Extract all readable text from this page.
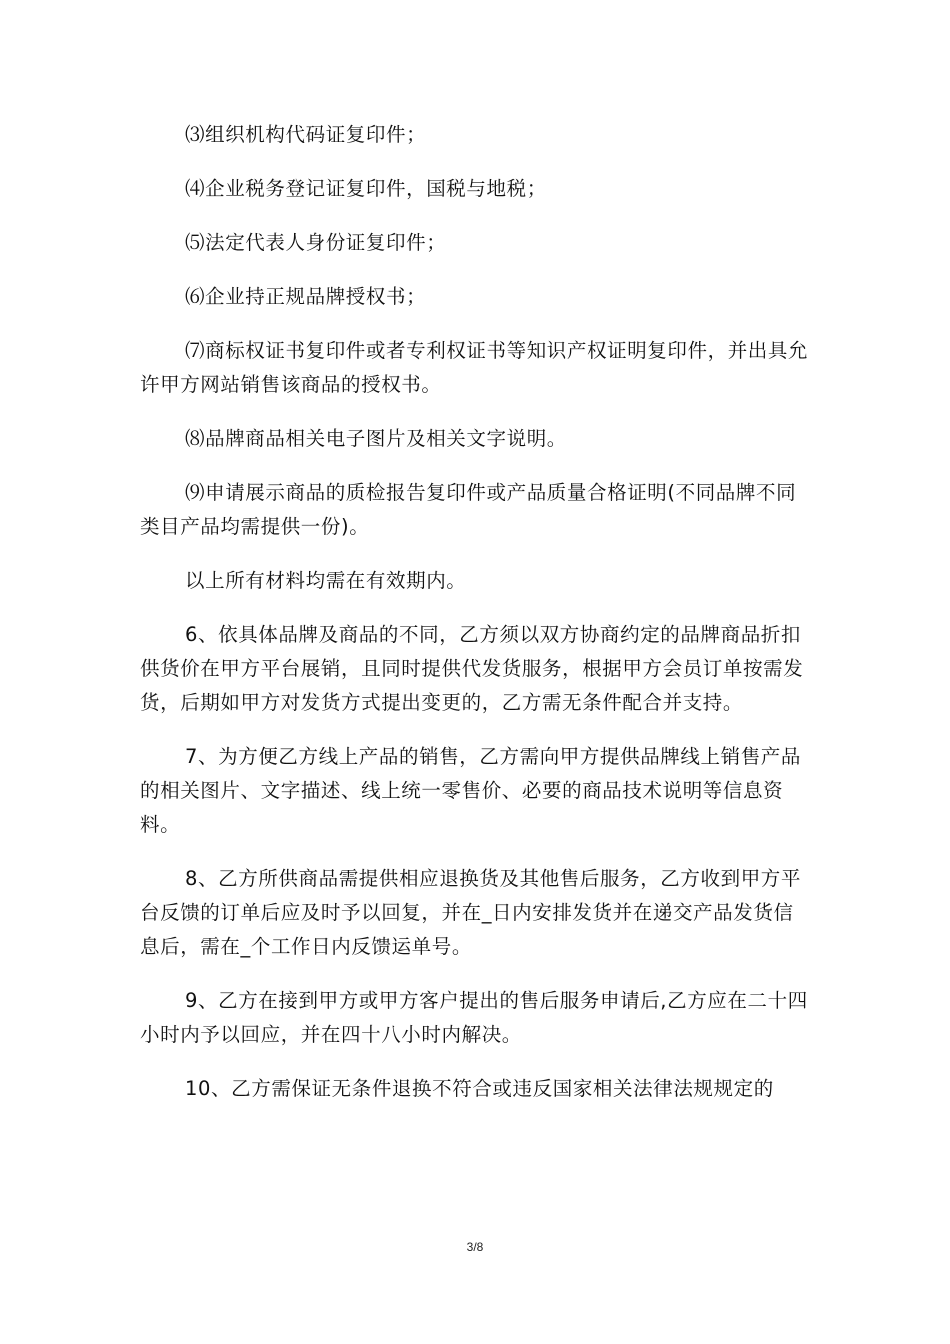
⑶组织机构代码证复印件；

⑷企业税务登记证复印件，国税与地税；

⑸法定代表人身份证复印件；

⑹企业持正规品牌授权书；

⑺商标权证书复印件或者专利权证书等知识产权证明复印件，并出具允许甲方网站销售该商品的授权书。

⑻品牌商品相关电子图片及相关文字说明。

⑼申请展示商品的质检报告复印件或产品质量合格证明(不同品牌不同类目产品均需提供一份)。

以上所有材料均需在有效期内。

6、依具体品牌及商品的不同，乙方须以双方协商约定的品牌商品折扣供货价在甲方平台展销，且同时提供代发货服务，根据甲方会员订单按需发货，后期如甲方对发货方式提出变更的，乙方需无条件配合并支持。

7、为方便乙方线上产品的销售，乙方需向甲方提供品牌线上销售产品的相关图片、文字描述、线上统一零售价、必要的商品技术说明等信息资料。

8、乙方所供商品需提供相应退换货及其他售后服务，乙方收到甲方平台反馈的订单后应及时予以回复，并在_日内安排发货并在递交产品发货信息后，需在_个工作日内反馈运单号。

9、乙方在接到甲方或甲方客户提出的售后服务申请后,乙方应在二十四小时内予以回应，并在四十八小时内解决。

10、乙方需保证无条件退换不符合或违反国家相关法律法规规定的

3/8
